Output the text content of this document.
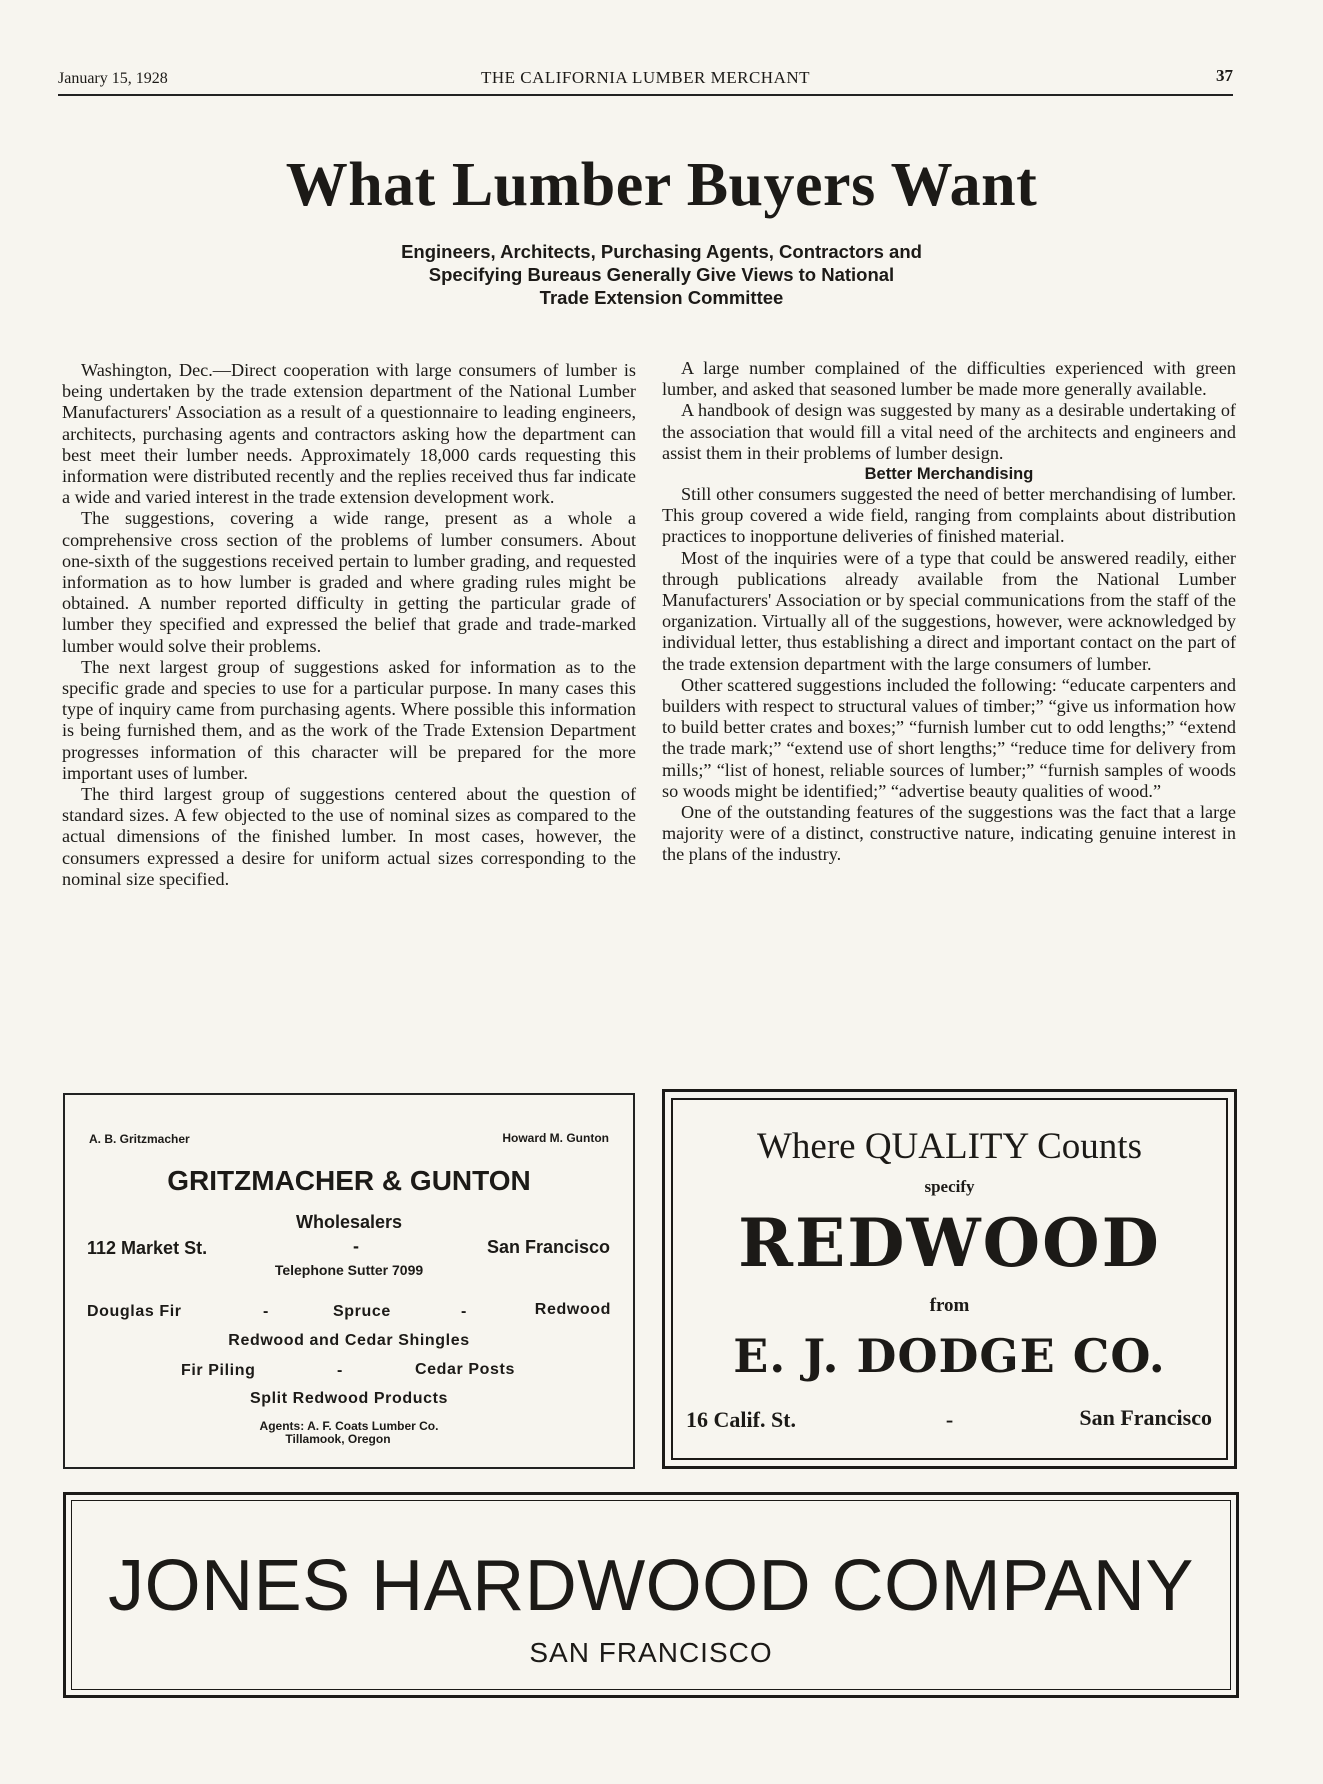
January 15, 1928	THE CALIFORNIA LUMBER MERCHANT	37
What Lumber Buyers Want
Engineers, Architects, Purchasing Agents, Contractors and
Specifying Bureaus Generally Give Views to National
Trade Extension Committee

Washington, Dec.—Direct cooperation with large consumers of lumber is being undertaken by the trade extension department of the National Lumber Manufacturers' Association as a result of a questionnaire to leading engineers, architects, purchasing agents and contractors asking how the department can best meet their lumber needs. Approximately 18,000 cards requesting this information were distributed recently and the replies received thus far indicate a wide and varied interest in the trade extension development work.

The suggestions, covering a wide range, present as a whole a comprehensive cross section of the problems of lumber consumers. About one-sixth of the suggestions received pertain to lumber grading, and requested information as to how lumber is graded and where grading rules might be obtained. A number reported difficulty in getting the particular grade of lumber they specified and expressed the belief that grade and trade-marked lumber would solve their problems.

The next largest group of suggestions asked for information as to the specific grade and species to use for a particular purpose. In many cases this type of inquiry came from purchasing agents. Where possible this information is being furnished them, and as the work of the Trade Extension Department progresses information of this character will be prepared for the more important uses of lumber.

The third largest group of suggestions centered about the question of standard sizes. A few objected to the use of nominal sizes as compared to the actual dimensions of the finished lumber. In most cases, however, the consumers expressed a desire for uniform actual sizes corresponding to the nominal size specified.

A large number complained of the difficulties experienced with green lumber, and asked that seasoned lumber be made more generally available.

A handbook of design was suggested by many as a desirable undertaking of the association that would fill a vital need of the architects and engineers and assist them in their problems of lumber design.

Better Merchandising

Still other consumers suggested the need of better merchandising of lumber. This group covered a wide field, ranging from complaints about distribution practices to inopportune deliveries of finished material.

Most of the inquiries were of a type that could be answered readily, either through publications already available from the National Lumber Manufacturers' Association or by special communications from the staff of the organization. Virtually all of the suggestions, however, were acknowledged by individual letter, thus establishing a direct and important contact on the part of the trade extension department with the large consumers of lumber.

Other scattered suggestions included the following: “educate carpenters and builders with respect to structural values of timber;” “give us information how to build better crates and boxes;” “furnish lumber cut to odd lengths;” “extend the trade mark;” “extend use of short lengths;” “reduce time for delivery from mills;” “list of honest, reliable sources of lumber;” “furnish samples of woods so woods might be identified;” “advertise beauty qualities of wood.”

One of the outstanding features of the suggestions was the fact that a large majority were of a distinct, constructive nature, indicating genuine interest in the plans of the industry.

A. B. Gritzmacher	Howard M. Gunton
GRITZMACHER & GUNTON
Wholesalers
112 Market St.	-	San Francisco
Telephone Sutter 7099
Douglas Fir	-	Spruce	-	Redwood
Redwood and Cedar Shingles
Fir Piling	-	Cedar Posts
Split Redwood Products
Agents: A. F. Coats Lumber Co.
Tillamook, Oregon
Where QUALITY Counts
specify
REDWOOD
from
E. J. DODGE CO.
16 Calif. St.	-	San Francisco
JONES HARDWOOD COMPANY
SAN FRANCISCO
